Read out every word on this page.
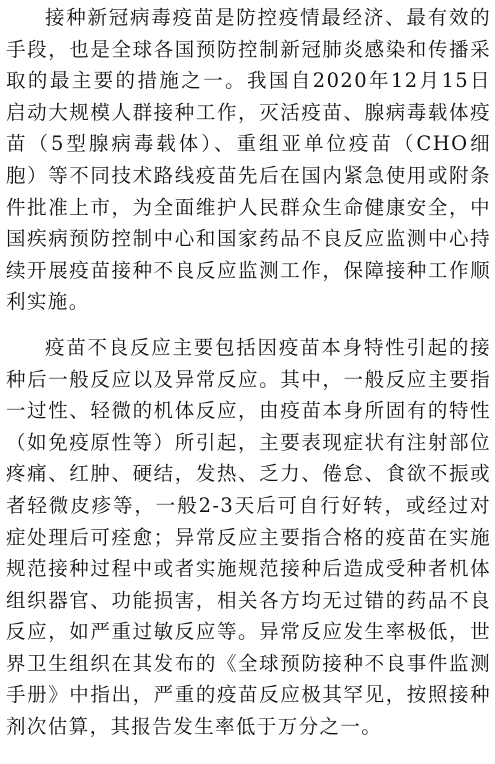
接种新冠病毒疫苗是防控疫情最经济、最有效的手段，也是全球各国预防控制新冠肺炎感染和传播采取的最主要的措施之一。我国自2020年12月15日启动大规模人群接种工作，灭活疫苗、腺病毒载体疫苗（5型腺病毒载体）、重组亚单位疫苗（CHO细胞）等不同技术路线疫苗先后在国内紧急使用或附条件批准上市，为全面维护人民群众生命健康安全，中国疾病预防控制中心和国家药品不良反应监测中心持续开展疫苗接种不良反应监测工作，保障接种工作顺利实施。

疫苗不良反应主要包括因疫苗本身特性引起的接种后一般反应以及异常反应。其中，一般反应主要指一过性、轻微的机体反应，由疫苗本身所固有的特性（如免疫原性等）所引起，主要表现症状有注射部位疼痛、红肿、硬结，发热、乏力、倦怠、食欲不振或者轻微皮疹等，一般2-3天后可自行好转，或经过对症处理后可痊愈；异常反应主要指合格的疫苗在实施规范接种过程中或者实施规范接种后造成受种者机体组织器官、功能损害，相关各方均无过错的药品不良反应，如严重过敏反应等。异常反应发生率极低，世界卫生组织在其发布的《全球预防接种不良事件监测手册》中指出，严重的疫苗反应极其罕见，按照接种剂次估算，其报告发生率低于万分之一。
